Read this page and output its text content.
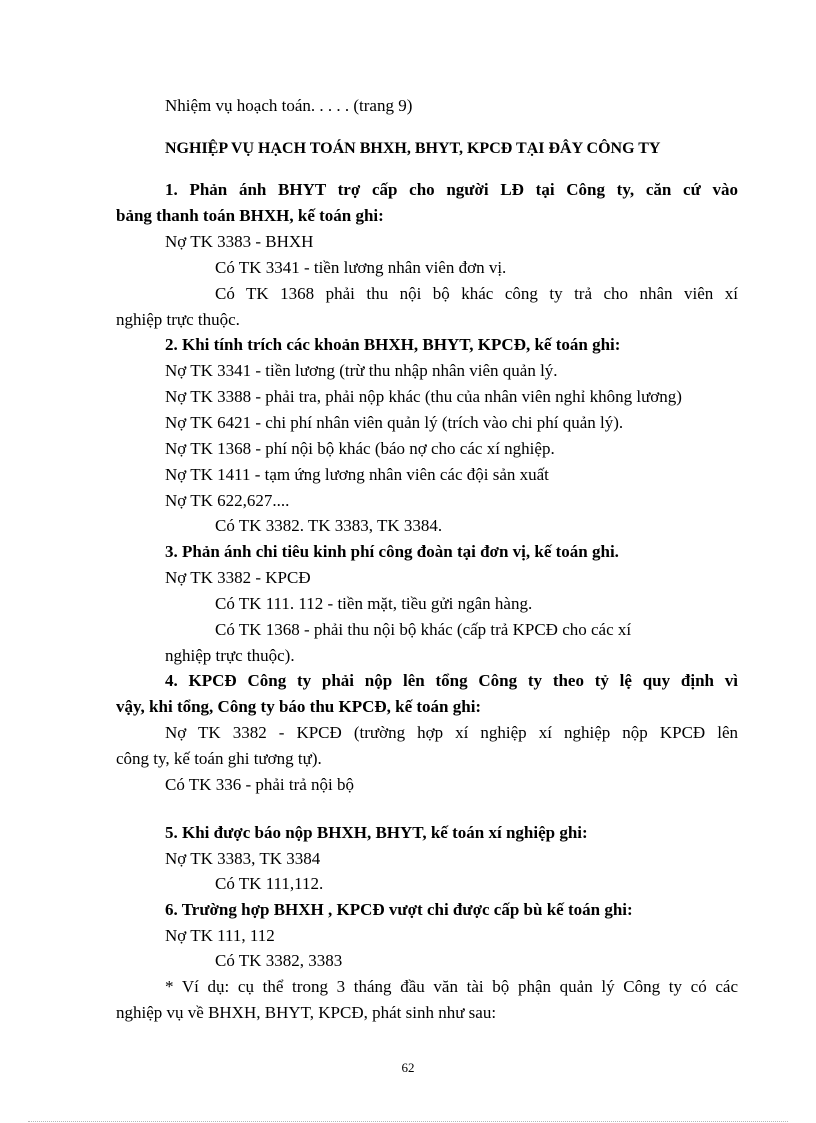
Nhiệm vụ hoạch toán. . . . . (trang 9)
NGHIỆP VỤ HẠCH TOÁN BHXH, BHYT, KPCĐ TẠI ĐÂY CÔNG TY
1. Phản ánh BHYT trợ cấp cho người LĐ tại Công ty, căn cứ vào
bảng thanh toán BHXH, kế toán ghi:
Nợ TK 3383 - BHXH
Có TK 3341 - tiền lương nhân viên đơn vị.
Có TK 1368 phải thu nội bộ khác công ty trả cho nhân viên xí
nghiệp trực thuộc.
2. Khi tính trích các khoản BHXH, BHYT, KPCĐ, kế toán ghi:
Nợ TK 3341 - tiền lương (trừ thu nhập nhân viên quản lý.
Nợ TK 3388 - phải tra, phải nộp khác (thu của nhân viên nghỉ không lương)
Nợ TK 6421 - chi phí nhân viên quản lý (trích vào chi phí quản lý).
Nợ TK 1368 - phí nội bộ khác (báo nợ cho các xí nghiệp.
Nợ TK 1411 - tạm ứng lương nhân viên các đội sản xuất
Nợ TK 622,627....
Có TK 3382. TK 3383, TK 3384.
3. Phản ánh chi tiêu kinh phí công đoàn tại đơn vị, kế toán ghi.
Nợ TK 3382 - KPCĐ
Có TK 111. 112 - tiền mặt, tiều gửi ngân hàng.
Có TK 1368 - phải thu nội bộ khác (cấp trả KPCĐ cho các xí
nghiệp trực thuộc).
4. KPCĐ Công ty phải nộp lên tổng Công ty theo tỷ lệ quy định vì
vậy, khi tổng, Công ty báo thu KPCĐ, kế toán ghi:
Nợ TK 3382 - KPCĐ (trường hợp xí nghiệp xí nghiệp nộp KPCĐ lên
công ty, kế toán ghi tương tự).
Có TK 336 - phải trả nội bộ
5. Khi được báo nộp BHXH, BHYT, kế toán xí nghiệp ghi:
Nợ TK 3383, TK 3384
Có TK 111,112.
6. Trường hợp BHXH , KPCĐ vượt chi được cấp bù kế toán ghi:
Nợ TK 111, 112
Có TK 3382, 3383
* Ví dụ: cụ thể trong 3 tháng đầu văn tài bộ phận quản lý Công ty có các
nghiệp vụ về BHXH, BHYT, KPCĐ, phát sinh như sau:
62
